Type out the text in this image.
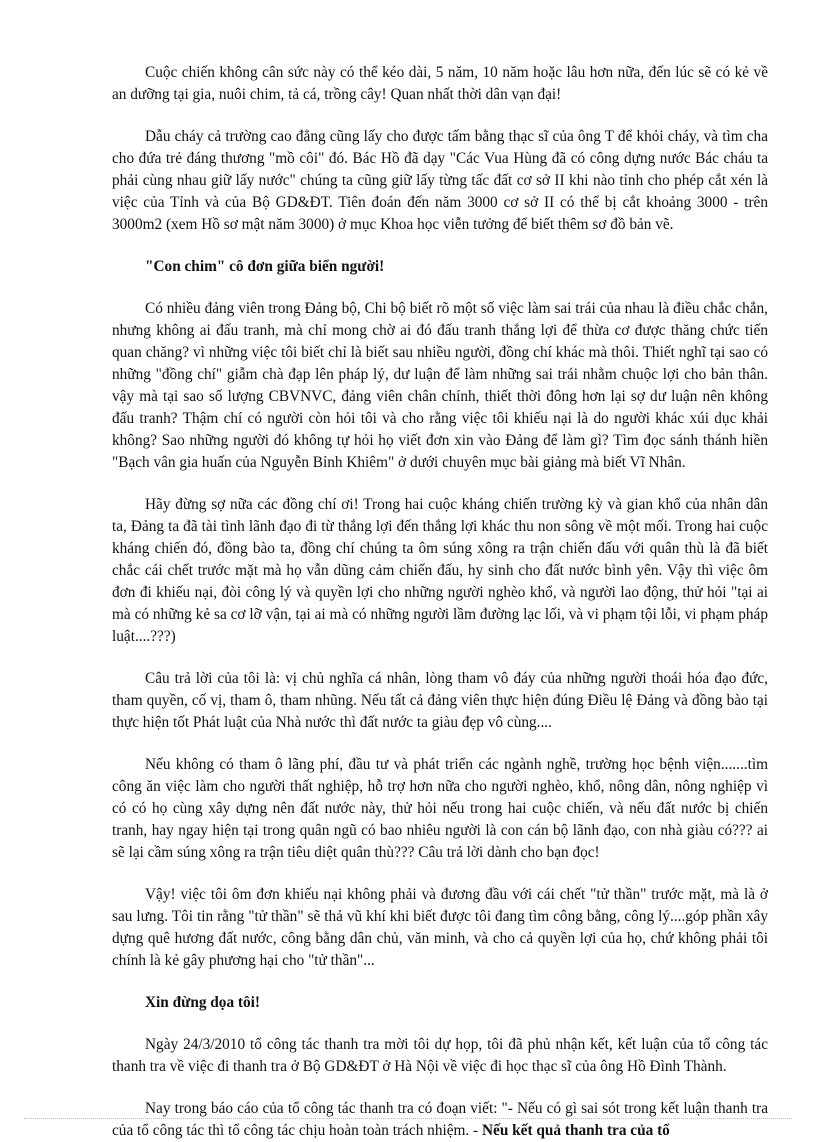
Cuộc chiến không cân sức này có thể kéo dài, 5 năm, 10 năm hoặc lâu hơn nữa, đến lúc sẽ có kẻ về an dưỡng tại gia, nuôi chim, tả cá, trồng cây! Quan nhất thời dân vạn đại!

Dẫu cháy cả trường cao đẳng cũng lấy cho được tấm bằng thạc sĩ của ông T để khỏi cháy, và tìm cha cho đứa trẻ đáng thương "mồ côi" đó. Bác Hồ đã dạy "Các Vua Hùng đã có công dựng nước Bác cháu ta phải cùng nhau giữ lấy nước" chúng ta cũng giữ lấy từng tấc đất cơ sở II khi nào tỉnh cho phép cắt xén là việc của Tỉnh và của Bộ GD&ĐT. Tiên đoán đến năm 3000 cơ sở II có thể bị cắt khoảng 3000 - trên 3000m2 (xem Hồ sơ mật năm 3000) ở mục Khoa học viễn tưởng để biết thêm sơ đồ bản vẽ.

"Con chim" cô đơn giữa biển người!

Có nhiều đảng viên trong Đảng bộ, Chi bộ biết rõ một số việc làm sai trái của nhau là điều chắc chắn, nhưng không ai đấu tranh, mà chỉ mong chờ ai đó đấu tranh thắng lợi để thừa cơ được thăng chức tiến quan chăng? vì những việc tôi biết chỉ là biết sau nhiều người, đồng chí khác mà thôi. Thiết nghĩ tại sao có những "đồng chí" giẫm chà đạp lên pháp lý, dư luận để làm những sai trái nhằm chuộc lợi cho bản thân. vậy mà tại sao số lượng CBVNVC, đảng viên chân chính, thiết thời đông hơn lại sợ dư luận nên không đấu tranh? Thậm chí có người còn hỏi tôi và cho rằng việc tôi khiếu nại là do người khác xúi dục khải không? Sao những người đó không tự hỏi họ viết đơn xin vào Đảng để làm gì? Tìm đọc sánh thánh hiền "Bạch vân gia huấn của Nguyễn Bỉnh Khiêm" ở dưới chuyên mục bài giảng mà biết Vĩ Nhân.

Hãy đừng sợ nữa các đồng chí ơi! Trong hai cuộc kháng chiến trường kỳ và gian khổ của nhân dân ta, Đảng ta đã tài tình lãnh đạo đi từ thắng lợi đến thắng lợi khác thu non sông về một mối. Trong hai cuộc kháng chiến đó, đồng bào ta, đồng chí chúng ta ôm súng xông ra trận chiến đấu với quân thù là đã biết chắc cái chết trước mặt mà họ vẫn dũng cảm chiến đấu, hy sinh cho đất nước bình yên. Vậy thì việc ôm đơn đi khiếu nại, đòi công lý và quyền lợi cho những người nghèo khổ, và người lao động, thử hỏi "tại ai mà có những kẻ sa cơ lỡ vận, tại ai mà có những người lầm đường lạc lối, và vi phạm tội lỗi, vi phạm pháp luật....???)

Câu trả lời của tôi là: vị chủ nghĩa cá nhân, lòng tham vô đáy của những người thoái hóa đạo đức, tham quyền, cố vị, tham ô, tham nhũng. Nếu tất cả đảng viên thực hiện đúng Điều lệ Đảng và đồng bào tại thực hiện tốt Phát luật của Nhà nước thì đất nước ta giàu đẹp vô cùng....

Nếu không có tham ô lãng phí, đầu tư và phát triển các ngành nghề, trường học bệnh viện.......tìm công ăn việc làm cho người thất nghiệp, hỗ trợ hơn nữa cho người nghèo, khổ, nông dân, nông nghiệp vì có có họ cùng xây dựng nên đất nước này, thử hỏi nếu trong hai cuộc chiến, và nếu đất nước bị chiến tranh, hay ngay hiện tại trong quân ngũ có bao nhiêu người là con cán bộ lãnh đạo, con nhà giàu có??? ai sẽ lại cầm súng xông ra trận tiêu diệt quân thù??? Câu trả lời dành cho bạn đọc!

Vậy! việc tôi ôm đơn khiếu nại không phải và đương đầu với cái chết "tử thần" trước mặt, mà là ở sau lưng. Tôi tin rằng "tử thần" sẽ thả vũ khí khi biết được tôi đang tìm công bằng, công lý....góp phần xây dựng quê hương đất nước, công bằng dân chủ, văn minh, và cho cả quyền lợi của họ, chứ không phải tôi chính là kẻ gây phương hại cho "tử thần"...

Xin đừng dọa tôi!

Ngày 24/3/2010 tổ công tác thanh tra mời tôi dự họp, tôi đã phủ nhận kết, kết luận của tổ công tác thanh tra về việc đi thanh tra ở Bộ GD&ĐT ở Hà Nội về việc đi học thạc sĩ của ông Hồ Đình Thành.

Nay trong báo cáo của tổ công tác thanh tra có đoạn viết: "- Nếu có gì sai sót trong kết luận thanh tra của tổ công tác thì tổ công tác chịu hoàn toàn trách nhiệm. - Nếu kết quả thanh tra của tổ
